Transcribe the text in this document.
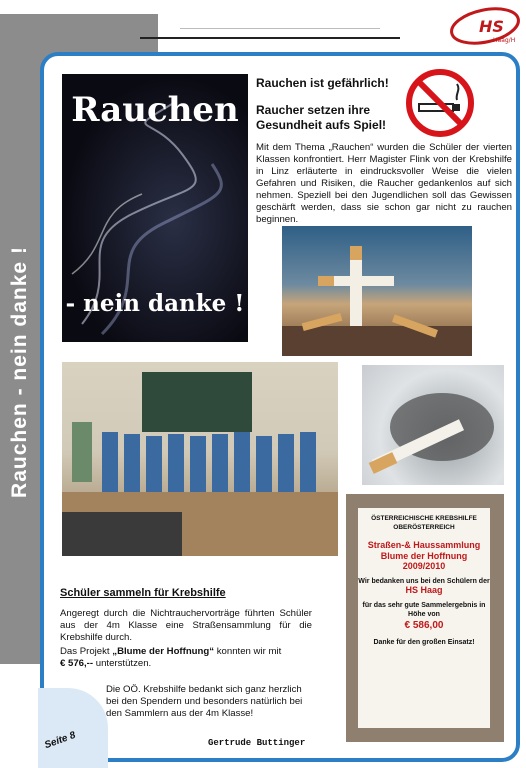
Rauchen - nein danke !
HS
Haag/H
Rauchen
- nein danke !
Rauchen ist gefährlich!
Raucher setzen ihre Gesundheit aufs Spiel!
Mit dem Thema „Rauchen“ wurden die Schüler der vierten Klassen konfrontiert. Herr Magister Flink von der Krebshilfe in Linz erläuterte in eindrucksvoller Weise die vielen Gefahren und Risiken, die Raucher gedankenlos auf sich nehmen. Speziell bei den Jugendlichen soll das Gewissen geschärft werden, dass sie schon gar nicht zu rauchen beginnen.
ÖSTERREICHISCHE KREBSHILFE OBERÖSTERREICH
Straßen-& Haussammlung Blume der Hoffnung
2009/2010
Wir bedanken uns bei den Schülern der
HS Haag
für das sehr gute Sammelergebnis in Höhe von
€ 586,00
Danke für den großen Einsatz!
Schüler sammeln für Krebshilfe
Angeregt durch die Nichtrauchervorträge führten Schüler aus der 4m Klasse eine Straßensammlung für die Krebshilfe durch.
Das Projekt „Blume der Hoffnung“ konnten wir mit
€ 576,-- unterstützen.
Die OÖ. Krebshilfe bedankt sich ganz herzlich bei den Spendern und besonders natürlich bei den Sammlern aus der 4m Klasse!
Gertrude Buttinger
Seite 8
